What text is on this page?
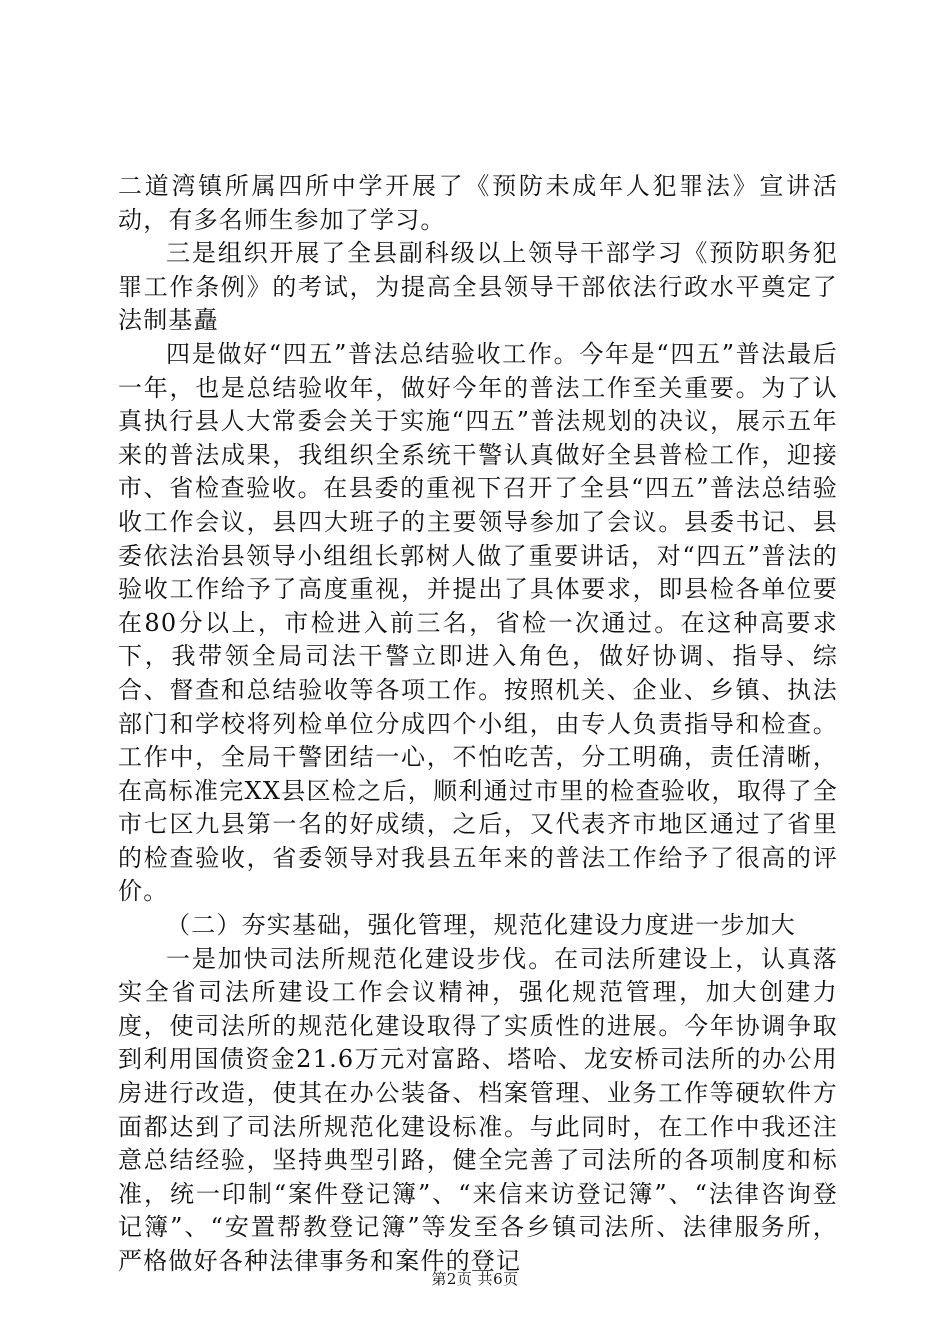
二道湾镇所属四所中学开展了《预防未成年人犯罪法》宣讲活动，有多名师生参加了学习。

三是组织开展了全县副科级以上领导干部学习《预防职务犯罪工作条例》的考试，为提高全县领导干部依法行政水平奠定了法制基矗

四是做好“四五”普法总结验收工作。今年是“四五”普法最后一年，也是总结验收年，做好今年的普法工作至关重要。为了认真执行县人大常委会关于实施“四五”普法规划的决议，展示五年来的普法成果，我组织全系统干警认真做好全县普检工作，迎接市、省检查验收。在县委的重视下召开了全县“四五”普法总结验收工作会议，县四大班子的主要领导参加了会议。县委书记、县委依法治县领导小组组长郭树人做了重要讲话，对“四五”普法的验收工作给予了高度重视，并提出了具体要求，即县检各单位要在80分以上，市检进入前三名，省检一次通过。在这种高要求下，我带领全局司法干警立即进入角色，做好协调、指导、综合、督查和总结验收等各项工作。按照机关、企业、乡镇、执法部门和学校将列检单位分成四个小组，由专人负责指导和检查。工作中，全局干警团结一心，不怕吃苦，分工明确，责任清晰，在高标准完XX县区检之后，顺利通过市里的检查验收，取得了全市七区九县第一名的好成绩，之后，又代表齐市地区通过了省里的检查验收，省委领导对我县五年来的普法工作给予了很高的评价。

（二）夯实基础，强化管理，规范化建设力度进一步加大

一是加快司法所规范化建设步伐。在司法所建设上，认真落实全省司法所建设工作会议精神，强化规范管理，加大创建力度，使司法所的规范化建设取得了实质性的进展。今年协调争取到利用国债资金21.6万元对富路、塔哈、龙安桥司法所的办公用房进行改造，使其在办公装备、档案管理、业务工作等硬软件方面都达到了司法所规范化建设标准。与此同时，在工作中我还注意总结经验，坚持典型引路，健全完善了司法所的各项制度和标准，统一印制“案件登记簿”、“来信来访登记簿”、“法律咨询登记簿”、“安置帮教登记簿”等发至各乡镇司法所、法律服务所，严格做好各种法律事务和案件的登记

第2页 共6页
